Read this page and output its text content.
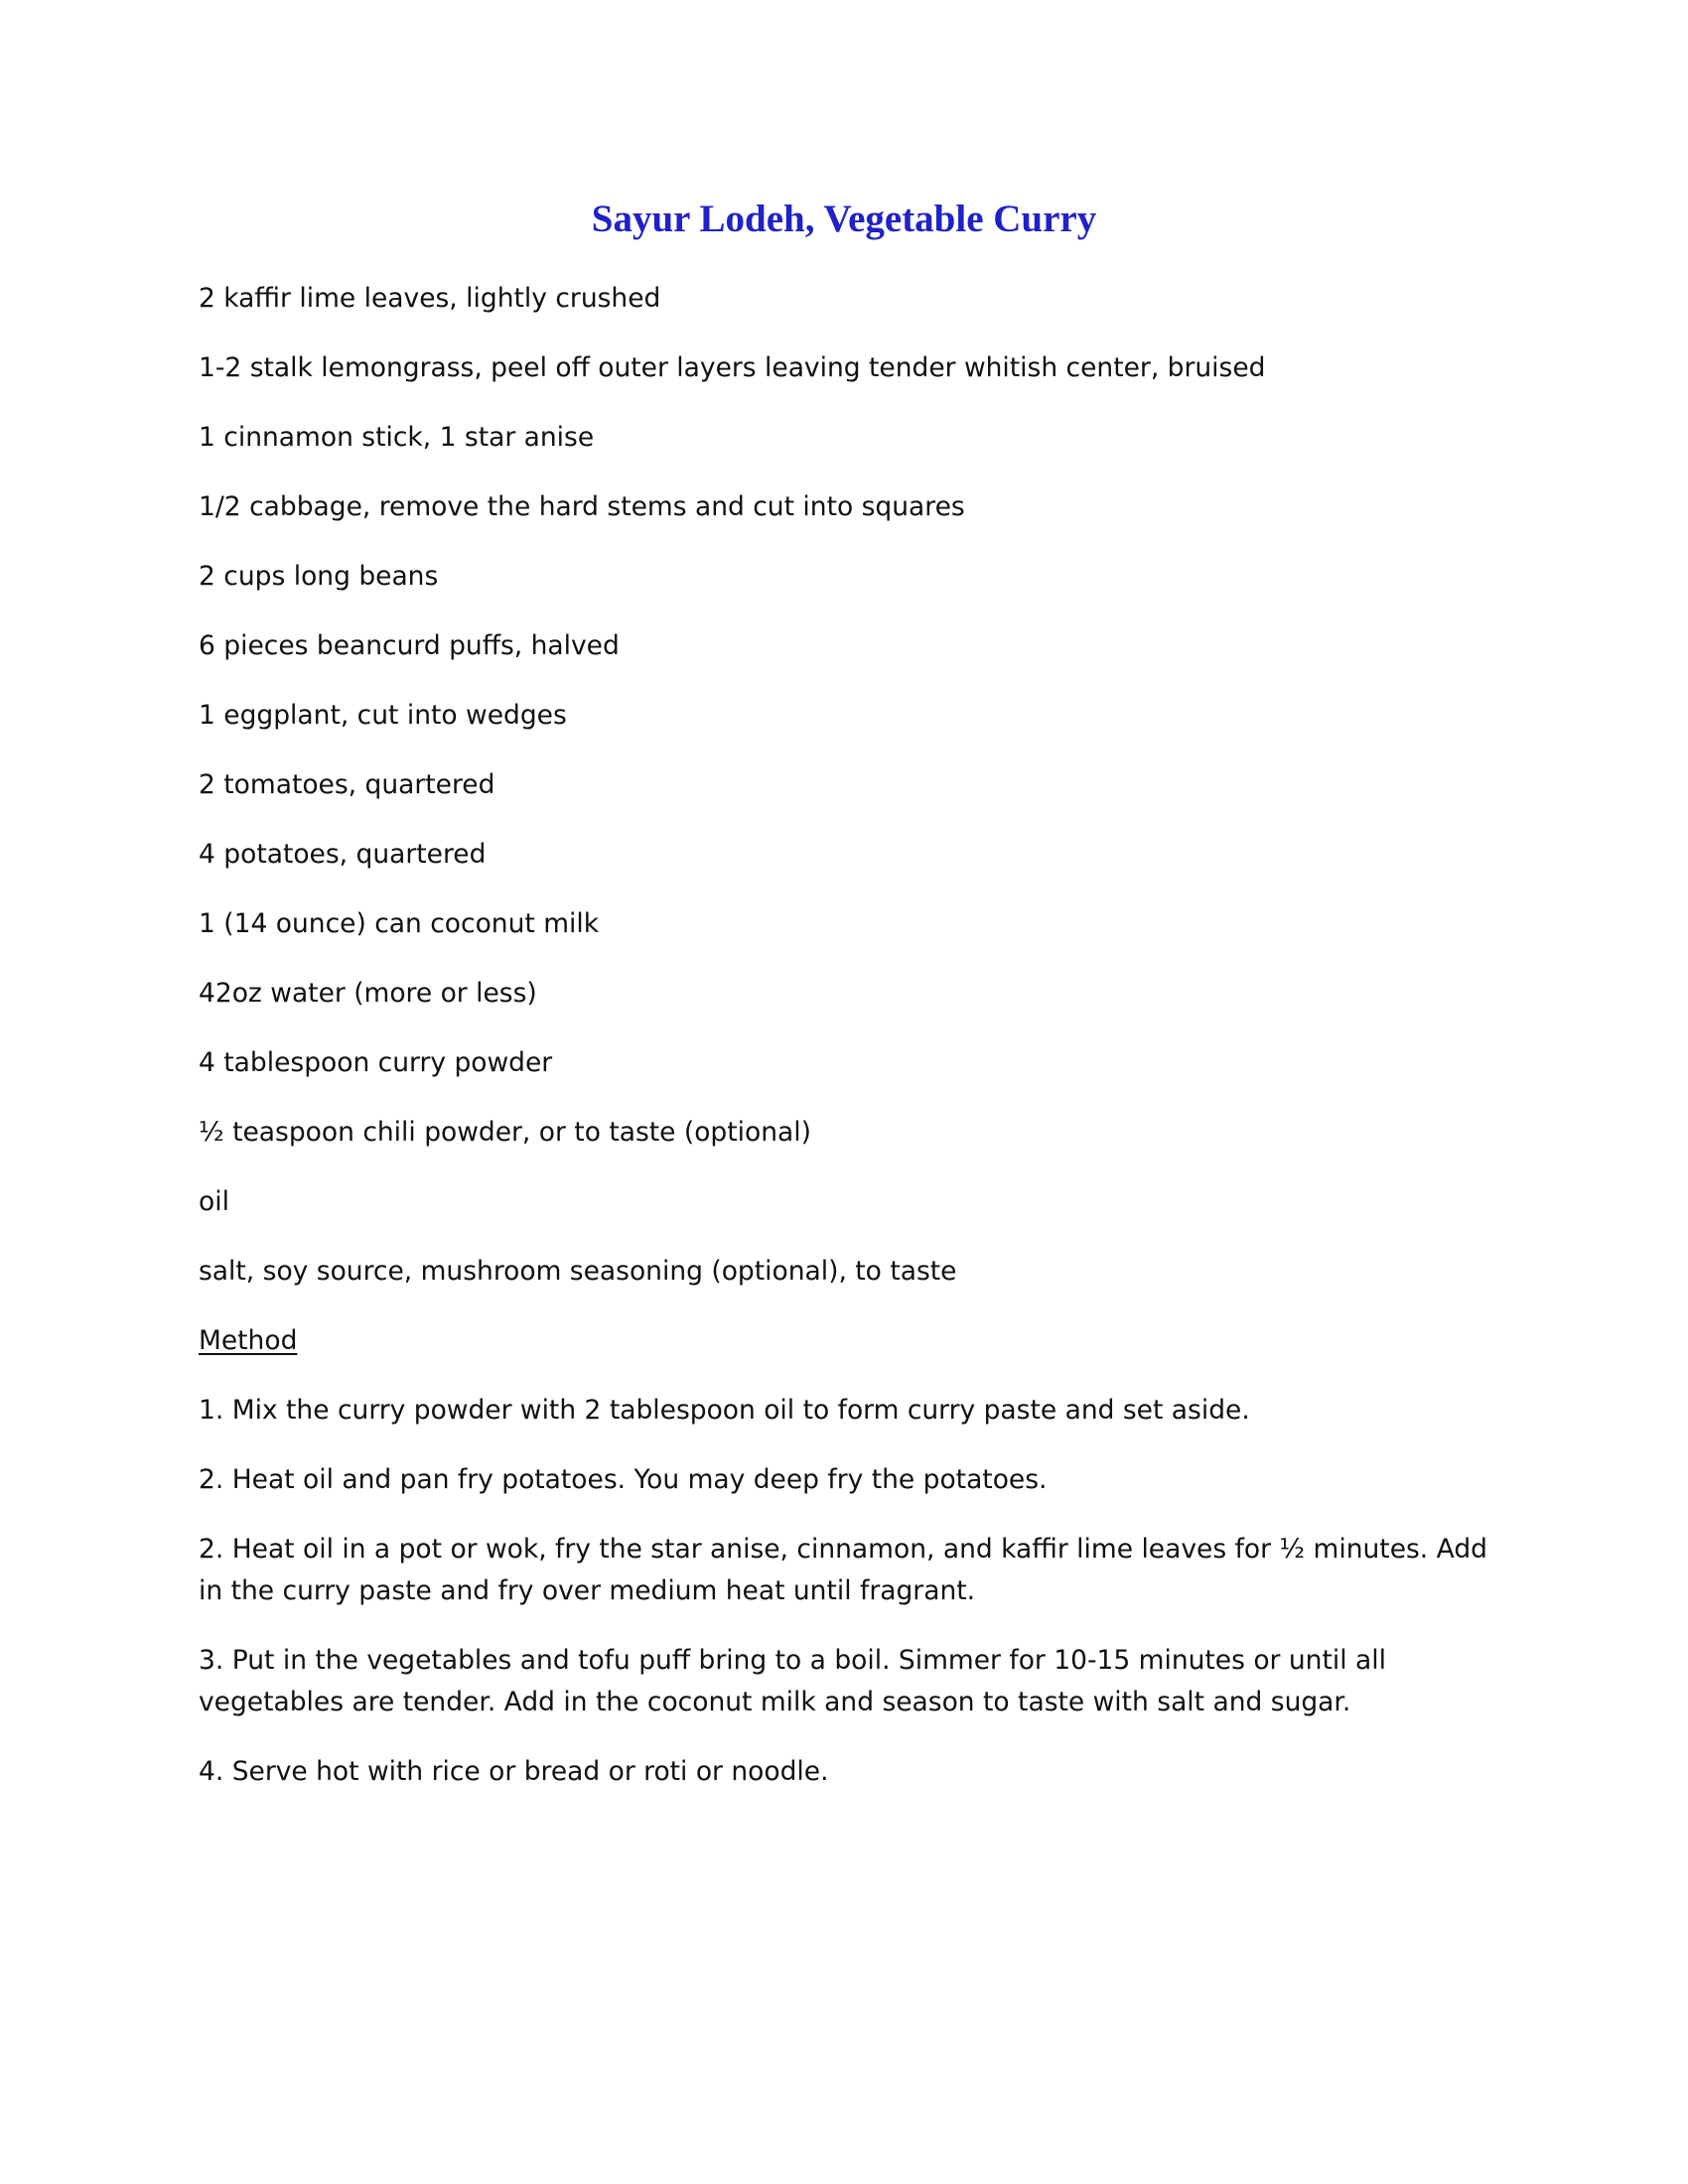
Sayur Lodeh, Vegetable Curry

2 kaffir lime leaves, lightly crushed

1-2 stalk lemongrass, peel off outer layers leaving tender whitish center, bruised

1 cinnamon stick, 1 star anise

1/2 cabbage, remove the hard stems and cut into squares

2 cups long beans

6 pieces beancurd puffs, halved

1 eggplant, cut into wedges

2 tomatoes, quartered

4 potatoes, quartered

1 (14 ounce) can coconut milk

42oz water (more or less)

4 tablespoon curry powder

½ teaspoon chili powder, or to taste (optional)

oil

salt, soy source, mushroom seasoning (optional), to taste

Method

1. Mix the curry powder with 2 tablespoon oil to form curry paste and set aside.

2. Heat oil and pan fry potatoes. You may deep fry the potatoes.

2. Heat oil in a pot or wok, fry the star anise, cinnamon, and kaffir lime leaves for ½ minutes. Add in the curry paste and fry over medium heat until fragrant.

3. Put in the vegetables and tofu puff bring to a boil. Simmer for 10-15 minutes or until all vegetables are tender. Add in the coconut milk and season to taste with salt and sugar.

4. Serve hot with rice or bread or roti or noodle.
